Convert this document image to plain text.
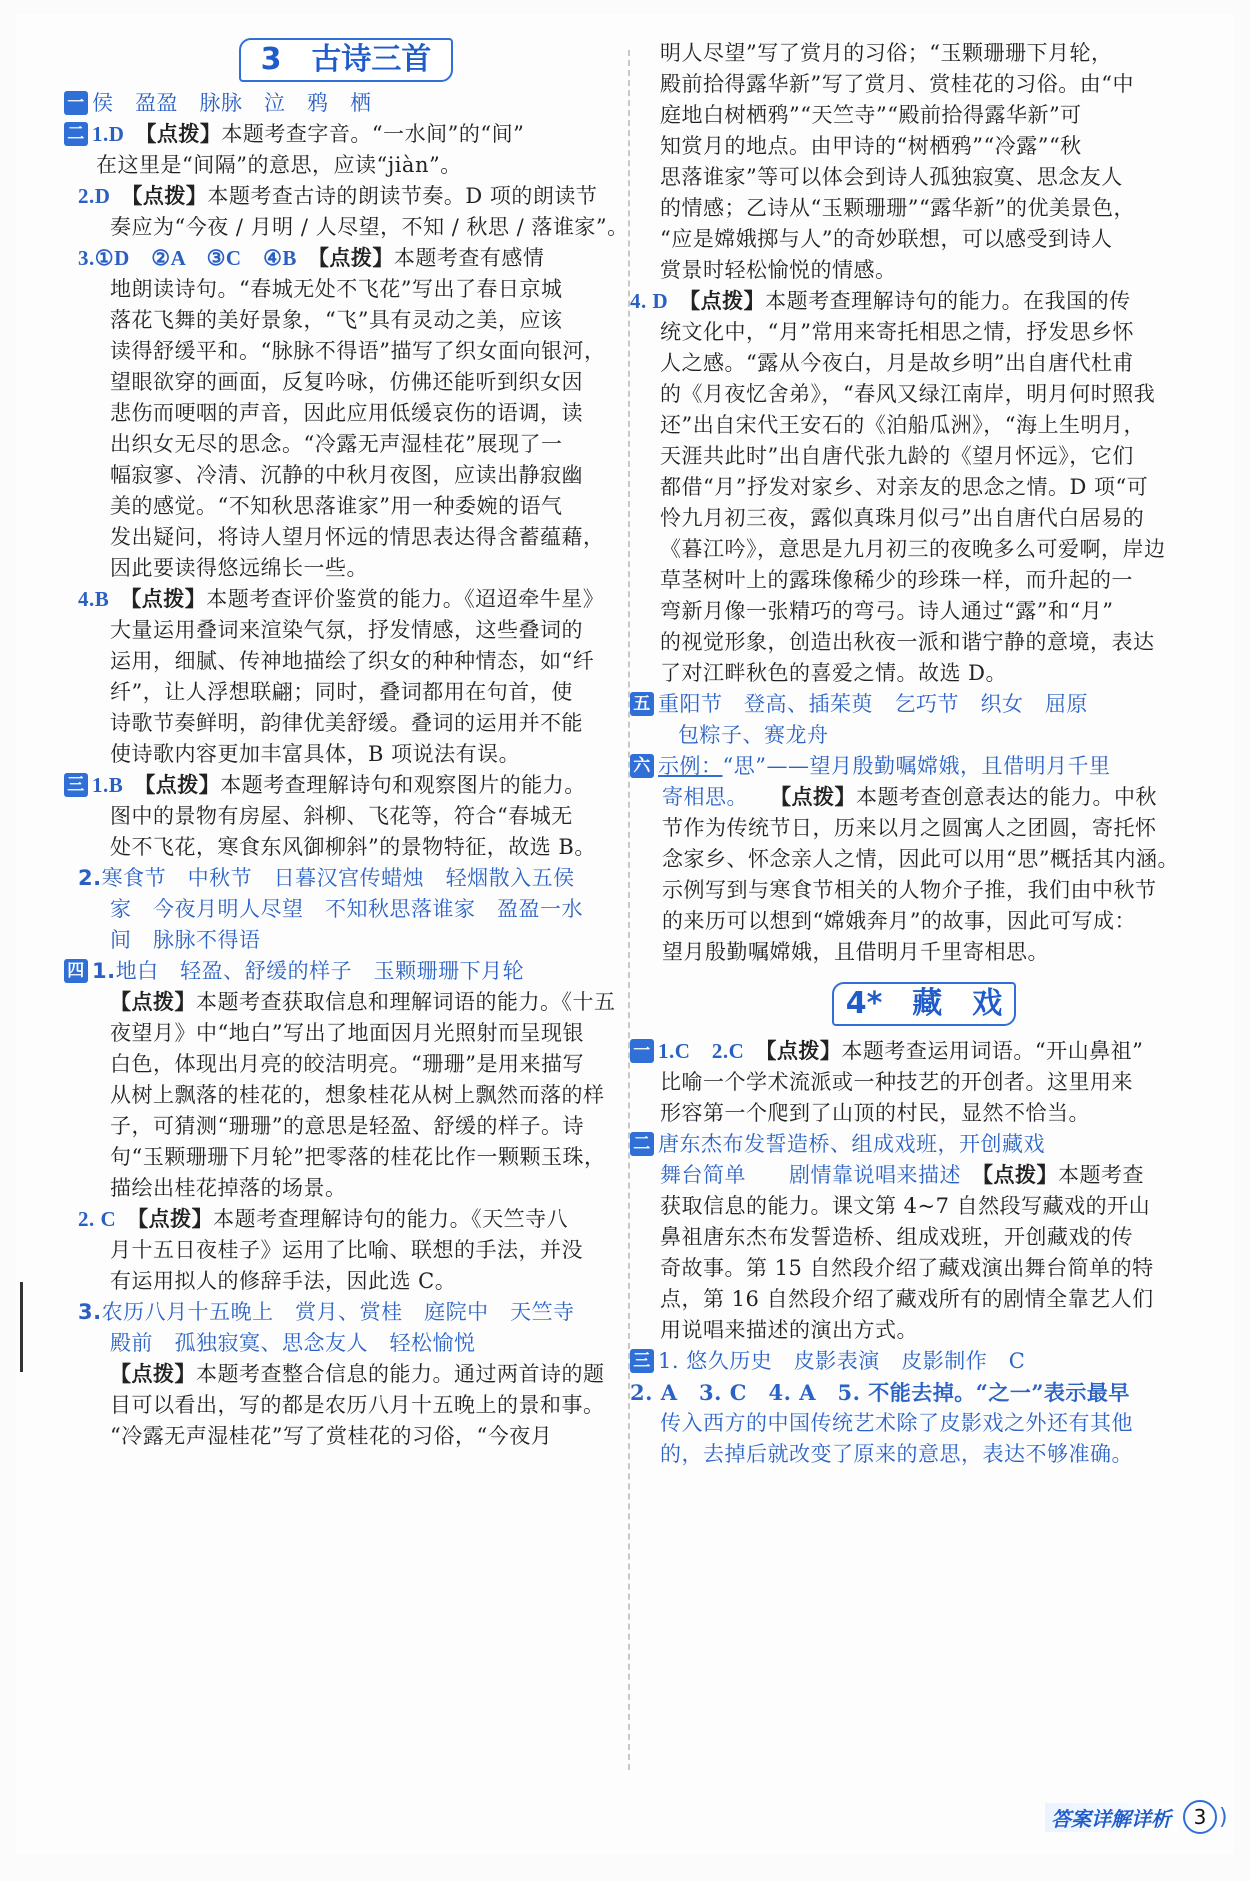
3　古诗三首
一 侯　盈盈　脉脉　泣　鸦　栖
二 1.D　 【点拨】本题考查字音。“一水间”的“间”
在这里是“间隔”的意思，应读“jiàn”。
2.D　 【点拨】本题考查古诗的朗读节奏。D 项的朗读节
奏应为“今夜 / 月明 / 人尽望，不知 / 秋思 / 落谁家”。
3.①D　②A　③C　④B　 【点拨】本题考查有感情
地朗读诗句。“春城无处不飞花”写出了春日京城
落花飞舞的美好景象，“飞”具有灵动之美，应该
读得舒缓平和。“脉脉不得语”描写了织女面向银河，
望眼欲穿的画面，反复吟咏，仿佛还能听到织女因
悲伤而哽咽的声音，因此应用低缓哀伤的语调，读
出织女无尽的思念。“冷露无声湿桂花”展现了一
幅寂寥、冷清、沉静的中秋月夜图，应读出静寂幽
美的感觉。“不知秋思落谁家”用一种委婉的语气
发出疑问，将诗人望月怀远的情思表达得含蓄蕴藉，
因此要读得悠远绵长一些。
4.B　 【点拨】本题考查评价鉴赏的能力。《迢迢牵牛星》
大量运用叠词来渲染气氛，抒发情感，这些叠词的
运用，细腻、传神地描绘了织女的种种情态，如“纤
纤”，让人浮想联翩；同时，叠词都用在句首，使
诗歌节奏鲜明，韵律优美舒缓。叠词的运用并不能
使诗歌内容更加丰富具体，B 项说法有误。
三 1.B　 【点拨】本题考查理解诗句和观察图片的能力。
图中的景物有房屋、斜柳、飞花等，符合“春城无
处不飞花，寒食东风御柳斜”的景物特征，故选 B。
2.寒食节　中秋节　日暮汉宫传蜡烛　轻烟散入五侯
家　今夜月明人尽望　不知秋思落谁家　盈盈一水
间　脉脉不得语
四 1.地白　轻盈、舒缓的样子　玉颗珊珊下月轮
【点拨】本题考查获取信息和理解词语的能力。《十五
夜望月》中“地白”写出了地面因月光照射而呈现银
白色，体现出月亮的皎洁明亮。“珊珊”是用来描写
从树上飘落的桂花的，想象桂花从树上飘然而落的样
子，可猜测“珊珊”的意思是轻盈、舒缓的样子。诗
句“玉颗珊珊下月轮”把零落的桂花比作一颗颗玉珠，
描绘出桂花掉落的场景。
2. C　 【点拨】本题考查理解诗句的能力。《天竺寺八
月十五日夜桂子》运用了比喻、联想的手法，并没
有运用拟人的修辞手法，因此选 C。
3.农历八月十五晚上　赏月、赏桂　庭院中　天竺寺
殿前　孤独寂寞、思念友人　轻松愉悦
【点拨】本题考查整合信息的能力。通过两首诗的题
目可以看出，写的都是农历八月十五晚上的景和事。
“冷露无声湿桂花”写了赏桂花的习俗，“今夜月
明人尽望”写了赏月的习俗；“玉颗珊珊下月轮，
殿前拾得露华新”写了赏月、赏桂花的习俗。由“中
庭地白树栖鸦”“天竺寺”“殿前拾得露华新”可
知赏月的地点。由甲诗的“树栖鸦”“冷露”“秋
思落谁家”等可以体会到诗人孤独寂寞、思念友人
的情感；乙诗从“玉颗珊珊”“露华新”的优美景色，
“应是嫦娥掷与人”的奇妙联想，可以感受到诗人
赏景时轻松愉悦的情感。
4. D　 【点拨】本题考查理解诗句的能力。在我国的传
统文化中，“月”常用来寄托相思之情，抒发思乡怀
人之感。“露从今夜白，月是故乡明”出自唐代杜甫
的《月夜忆舍弟》，“春风又绿江南岸，明月何时照我
还”出自宋代王安石的《泊船瓜洲》，“海上生明月，
天涯共此时”出自唐代张九龄的《望月怀远》，它们
都借“月”抒发对家乡、对亲友的思念之情。D 项“可
怜九月初三夜，露似真珠月似弓”出自唐代白居易的
《暮江吟》，意思是九月初三的夜晚多么可爱啊，岸边
草茎树叶上的露珠像稀少的珍珠一样，而升起的一
弯新月像一张精巧的弯弓。诗人通过“露”和“月”
的视觉形象，创造出秋夜一派和谐宁静的意境，表达
了对江畔秋色的喜爱之情。故选 D。
五 重阳节　登高、插茱萸　乞巧节　织女　屈原
包粽子、赛龙舟
六 示例：“思”——望月殷勤嘱嫦娥，且借明月千里
寄相思。　　 【点拨】本题考查创意表达的能力。中秋
节作为传统节日，历来以月之圆寓人之团圆，寄托怀
念家乡、怀念亲人之情，因此可以用“思”概括其内涵。
示例写到与寒食节相关的人物介子推，我们由中秋节
的来历可以想到“嫦娥奔月”的故事，因此可写成：
望月殷勤嘱嫦娥，且借明月千里寄相思。
4*　藏　戏
一 1.C　2.C　 【点拨】本题考查运用词语。“开山鼻祖”
比喻一个学术流派或一种技艺的开创者。这里用来
形容第一个爬到了山顶的村民，显然不恰当。
二 唐东杰布发誓造桥、组成戏班，开创藏戏
舞台简单　　剧情靠说唱来描述　 【点拨】本题考查
获取信息的能力。课文第 4~7 自然段写藏戏的开山
鼻祖唐东杰布发誓造桥、组成戏班，开创藏戏的传
奇故事。第 15 自然段介绍了藏戏演出舞台简单的特
点，第 16 自然段介绍了藏戏所有的剧情全靠艺人们
用说唱来描述的演出方式。
三 1. 悠久历史　皮影表演　皮影制作　C
2. A　3. C　4. A　5. 不能去掉。“之一”表示最早
传入西方的中国传统艺术除了皮影戏之外还有其他
的，去掉后就改变了原来的意思，表达不够准确。
答案详解详析	3 )
